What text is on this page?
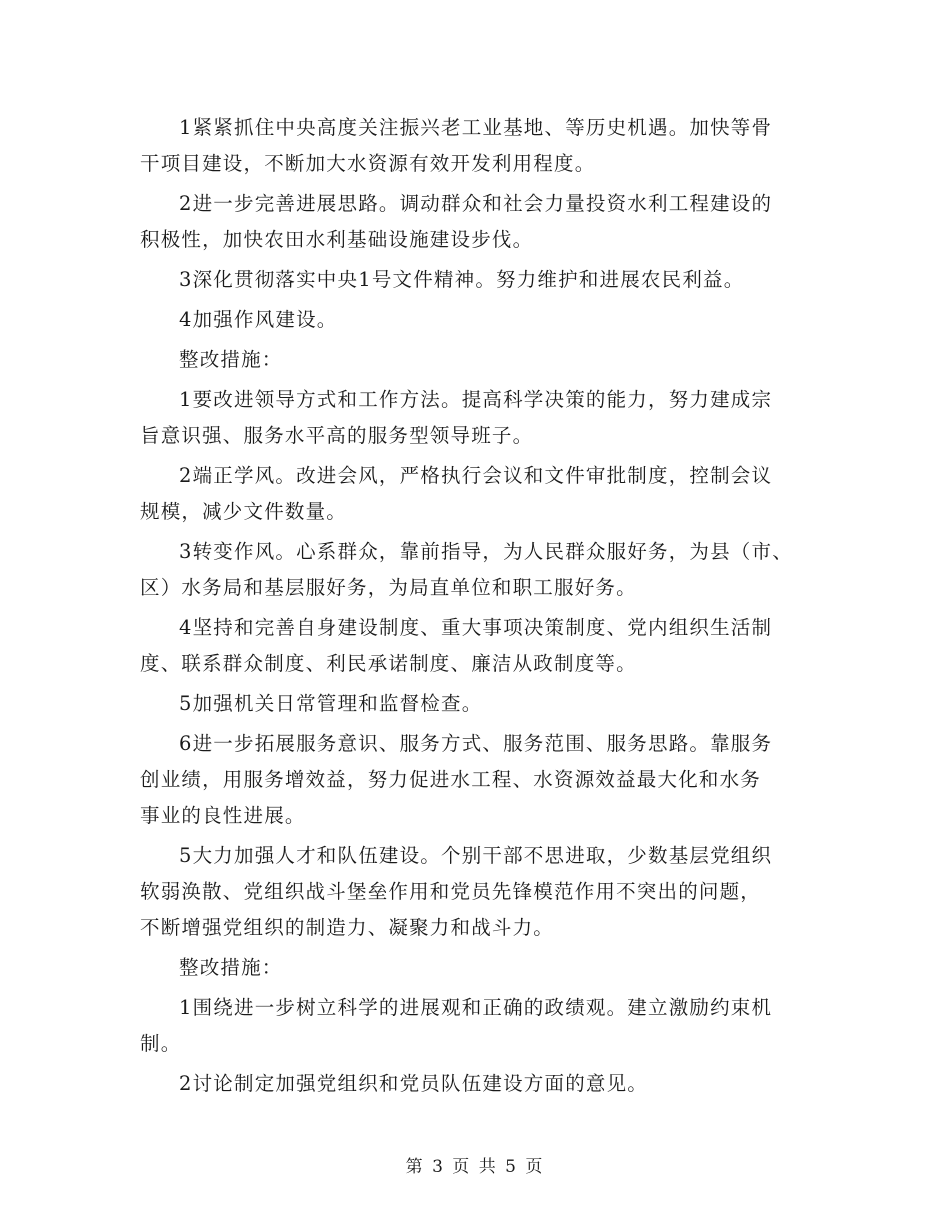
1紧紧抓住中央高度关注振兴老工业基地、等历史机遇。加快等骨
干项目建设，不断加大水资源有效开发利用程度。

2进一步完善进展思路。调动群众和社会力量投资水利工程建设的
积极性，加快农田水利基础设施建设步伐。

3深化贯彻落实中央1号文件精神。努力维护和进展农民利益。

4加强作风建设。

整改措施：

1要改进领导方式和工作方法。提高科学决策的能力，努力建成宗
旨意识强、服务水平高的服务型领导班子。

2端正学风。改进会风，严格执行会议和文件审批制度，控制会议
规模，减少文件数量。

3转变作风。心系群众，靠前指导，为人民群众服好务，为县（市、
区）水务局和基层服好务，为局直单位和职工服好务。

4坚持和完善自身建设制度、重大事项决策制度、党内组织生活制
度、联系群众制度、利民承诺制度、廉洁从政制度等。

5加强机关日常管理和监督检查。

6进一步拓展服务意识、服务方式、服务范围、服务思路。靠服务
创业绩，用服务增效益，努力促进水工程、水资源效益最大化和水务
事业的良性进展。

5大力加强人才和队伍建设。个别干部不思进取，少数基层党组织
软弱涣散、党组织战斗堡垒作用和党员先锋模范作用不突出的问题，
不断增强党组织的制造力、凝聚力和战斗力。

整改措施：

1围绕进一步树立科学的进展观和正确的政绩观。建立激励约束机
制。

2讨论制定加强党组织和党员队伍建设方面的意见。

第 3 页 共 5 页
